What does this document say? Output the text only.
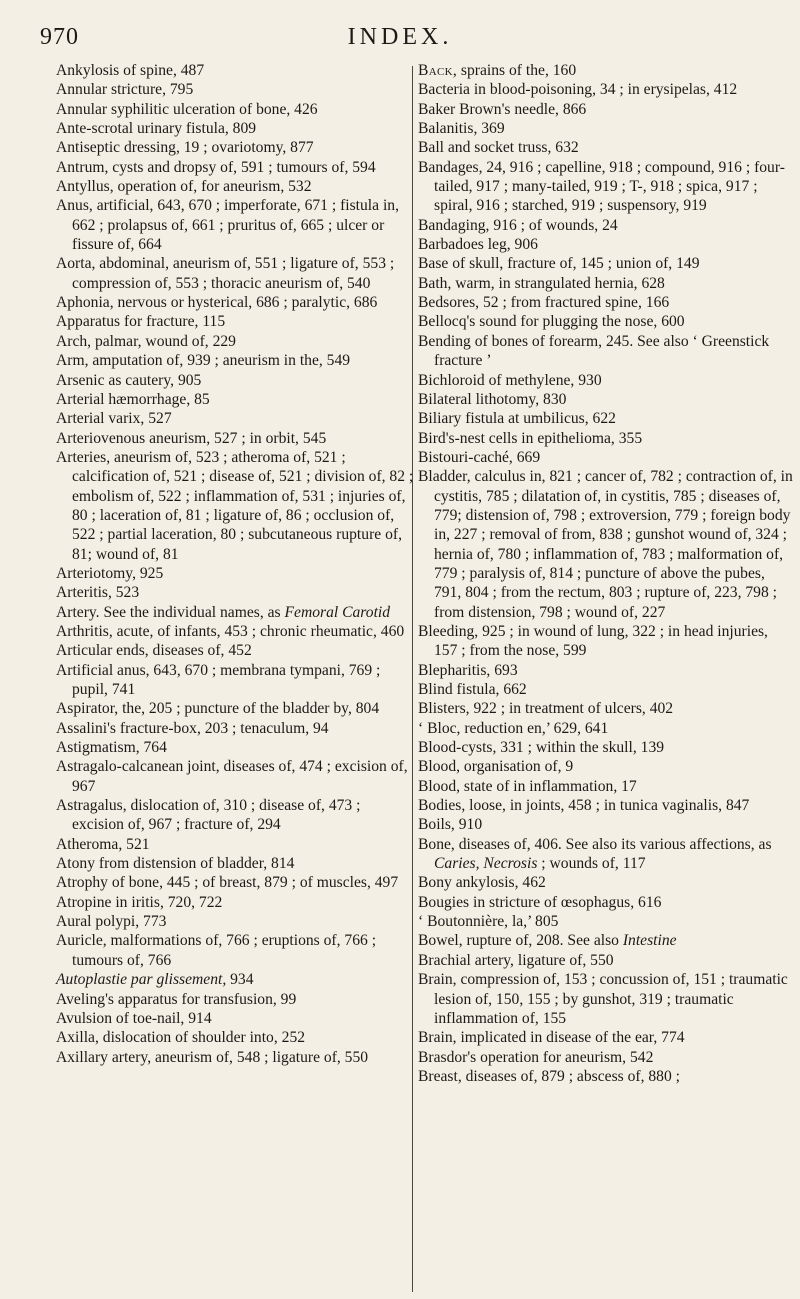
970	INDEX.

Ankylosis of spine, 487

Annular stricture, 795

Annular syphilitic ulceration of bone, 426

Ante-scrotal urinary fistula, 809

Antiseptic dressing, 19 ; ovariotomy, 877

Antrum, cysts and dropsy of, 591 ; tumours of, 594

Antyllus, operation of, for aneurism, 532

Anus, artificial, 643, 670 ; imperforate, 671 ; fistula in, 662 ; prolapsus of, 661 ; pruritus of, 665 ; ulcer or fissure of, 664

Aorta, abdominal, aneurism of, 551 ; ligature of, 553 ; compression of, 553 ; thoracic aneurism of, 540

Aphonia, nervous or hysterical, 686 ; paralytic, 686

Apparatus for fracture, 115

Arch, palmar, wound of, 229

Arm, amputation of, 939 ; aneurism in the, 549

Arsenic as cautery, 905

Arterial hæmorrhage, 85

Arterial varix, 527

Arteriovenous aneurism, 527 ; in orbit, 545

Arteries, aneurism of, 523 ; atheroma of, 521 ; calcification of, 521 ; disease of, 521 ; division of, 82 ; embolism of, 522 ; inflammation of, 531 ; injuries of, 80 ; laceration of, 81 ; ligature of, 86 ; occlusion of, 522 ; partial laceration, 80 ; subcutaneous rupture of, 81; wound of, 81

Arteriotomy, 925

Arteritis, 523

Artery. See the individual names, as Femoral Carotid

Arthritis, acute, of infants, 453 ; chronic rheumatic, 460

Articular ends, diseases of, 452

Artificial anus, 643, 670 ; membrana tympani, 769 ; pupil, 741

Aspirator, the, 205 ; puncture of the bladder by, 804

Assalini's fracture-box, 203 ; tenaculum, 94

Astigmatism, 764

Astragalo-calcanean joint, diseases of, 474 ; excision of, 967

Astragalus, dislocation of, 310 ; disease of, 473 ; excision of, 967 ; fracture of, 294

Atheroma, 521

Atony from distension of bladder, 814

Atrophy of bone, 445 ; of breast, 879 ; of muscles, 497

Atropine in iritis, 720, 722

Aural polypi, 773

Auricle, malformations of, 766 ; eruptions of, 766 ; tumours of, 766

Autoplastie par glissement, 934

Aveling's apparatus for transfusion, 99

Avulsion of toe-nail, 914

Axilla, dislocation of shoulder into, 252

Axillary artery, aneurism of, 548 ; ligature of, 550

Back, sprains of the, 160

Bacteria in blood-poisoning, 34 ; in erysipelas, 412

Baker Brown's needle, 866

Balanitis, 369

Ball and socket truss, 632

Bandages, 24, 916 ; capelline, 918 ; compound, 916 ; four-tailed, 917 ; many-tailed, 919 ; T-, 918 ; spica, 917 ; spiral, 916 ; starched, 919 ; suspensory, 919

Bandaging, 916 ; of wounds, 24

Barbadoes leg, 906

Base of skull, fracture of, 145 ; union of, 149

Bath, warm, in strangulated hernia, 628

Bedsores, 52 ; from fractured spine, 166

Bellocq's sound for plugging the nose, 600

Bending of bones of forearm, 245. See also ‘ Greenstick fracture ’

Bichloroid of methylene, 930

Bilateral lithotomy, 830

Biliary fistula at umbilicus, 622

Bird's-nest cells in epithelioma, 355

Bistouri-caché, 669

Bladder, calculus in, 821 ; cancer of, 782 ; contraction of, in cystitis, 785 ; dilatation of, in cystitis, 785 ; diseases of, 779; distension of, 798 ; extroversion, 779 ; foreign body in, 227 ; removal of from, 838 ; gunshot wound of, 324 ; hernia of, 780 ; inflammation of, 783 ; malformation of, 779 ; paralysis of, 814 ; puncture of above the pubes, 791, 804 ; from the rectum, 803 ; rupture of, 223, 798 ; from distension, 798 ; wound of, 227

Bleeding, 925 ; in wound of lung, 322 ; in head injuries, 157 ; from the nose, 599

Blepharitis, 693

Blind fistula, 662

Blisters, 922 ; in treatment of ulcers, 402

‘ Bloc, reduction en,’ 629, 641

Blood-cysts, 331 ; within the skull, 139

Blood, organisation of, 9

Blood, state of in inflammation, 17

Bodies, loose, in joints, 458 ; in tunica vaginalis, 847

Boils, 910

Bone, diseases of, 406. See also its various affections, as Caries, Necrosis ; wounds of, 117

Bony ankylosis, 462

Bougies in stricture of œsophagus, 616

‘ Boutonnière, la,’ 805

Bowel, rupture of, 208. See also Intestine

Brachial artery, ligature of, 550

Brain, compression of, 153 ; concussion of, 151 ; traumatic lesion of, 150, 155 ; by gunshot, 319 ; traumatic inflammation of, 155

Brain, implicated in disease of the ear, 774

Brasdor's operation for aneurism, 542

Breast, diseases of, 879 ; abscess of, 880 ;
